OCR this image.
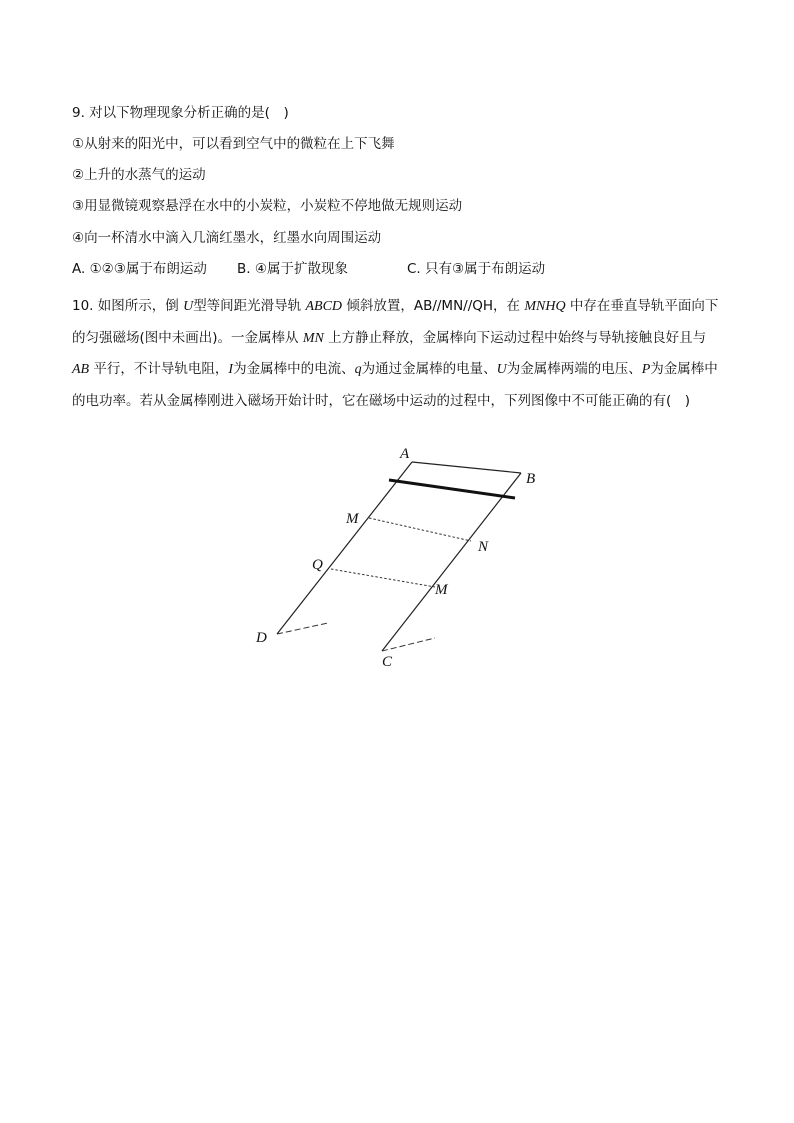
9. 对以下物理现象分析正确的是(　)
①从射来的阳光中，可以看到空气中的微粒在上下飞舞
②上升的水蒸气的运动
③用显微镜观察悬浮在水中的小炭粒，小炭粒不停地做无规则运动
④向一杯清水中滴入几滴红墨水，红墨水向周围运动
A. ①②③属于布朗运动 B. ④属于扩散现象	C. 只有③属于布朗运动
10. 如图所示，倒 U型等间距光滑导轨 ABCD 倾斜放置，AB//MN//QH，在 MNHQ 中存在垂直导轨平面向下的匀强磁场(图中未画出)。一金属棒从 MN 上方静止释放，金属棒向下运动过程中始终与导轨接触良好且与 AB 平行，不计导轨电阻，I为金属棒中的电流、q为通过金属棒的电量、U为金属棒两端的电压、P为金属棒中的电功率。若从金属棒刚进入磁场开始计时，它在磁场中运动的过程中，下列图像中不可能正确的有(　)
A
B
M
N
Q
M
D
C
